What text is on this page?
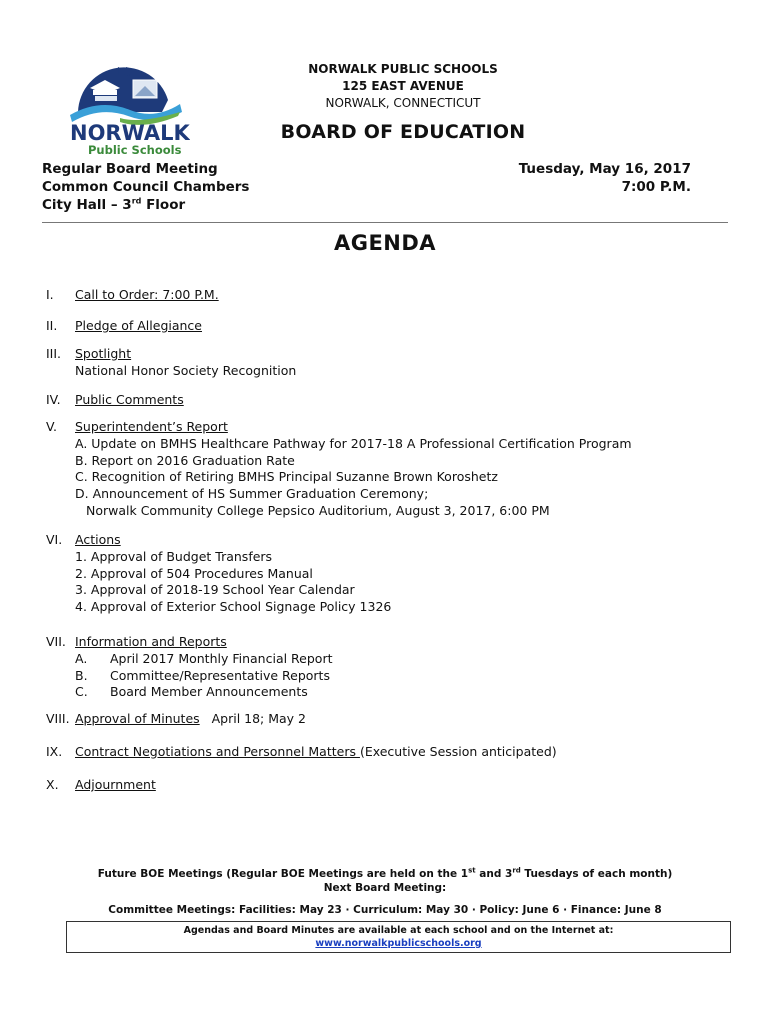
♪♫
NORWALK
Public Schools
NORWALK PUBLIC SCHOOLS
125 EAST AVENUE
NORWALK, CONNECTICUT
BOARD OF EDUCATION
Regular Board Meeting
Common Council Chambers
City Hall – 3rd Floor
Tuesday, May 16, 2017
7:00 P.M.
AGENDA
I. Call to Order: 7:00 P.M.
II. Pledge of Allegiance
III. Spotlight
National Honor Society Recognition
IV. Public Comments
V. Superintendent’s Report
A. Update on BMHS Healthcare Pathway for 2017-18 A Professional Certification Program
B. Report on 2016 Graduation Rate
C. Recognition of Retiring BMHS Principal Suzanne Brown Koroshetz
D. Announcement of HS Summer Graduation Ceremony;
Norwalk Community College Pepsico Auditorium, August 3, 2017, 6:00 PM
VI. Actions
1. Approval of Budget Transfers
2. Approval of 504 Procedures Manual
3. Approval of 2018-19 School Year Calendar
4. Approval of Exterior School Signage Policy 1326
VII. Information and Reports
A. April 2017 Monthly Financial Report
B. Committee/Representative Reports
C. Board Member Announcements
VIII. Approval of Minutes   April 18; May 2
IX. Contract Negotiations and Personnel Matters (Executive Session anticipated)
X. Adjournment
Future BOE Meetings (Regular BOE Meetings are held on the 1st and 3rd Tuesdays of each month)
Next Board Meeting:
Committee Meetings: Facilities: May 23 · Curriculum: May 30 · Policy: June 6 · Finance: June 8
Agendas and Board Minutes are available at each school and on the Internet at:
www.norwalkpublicschools.org
